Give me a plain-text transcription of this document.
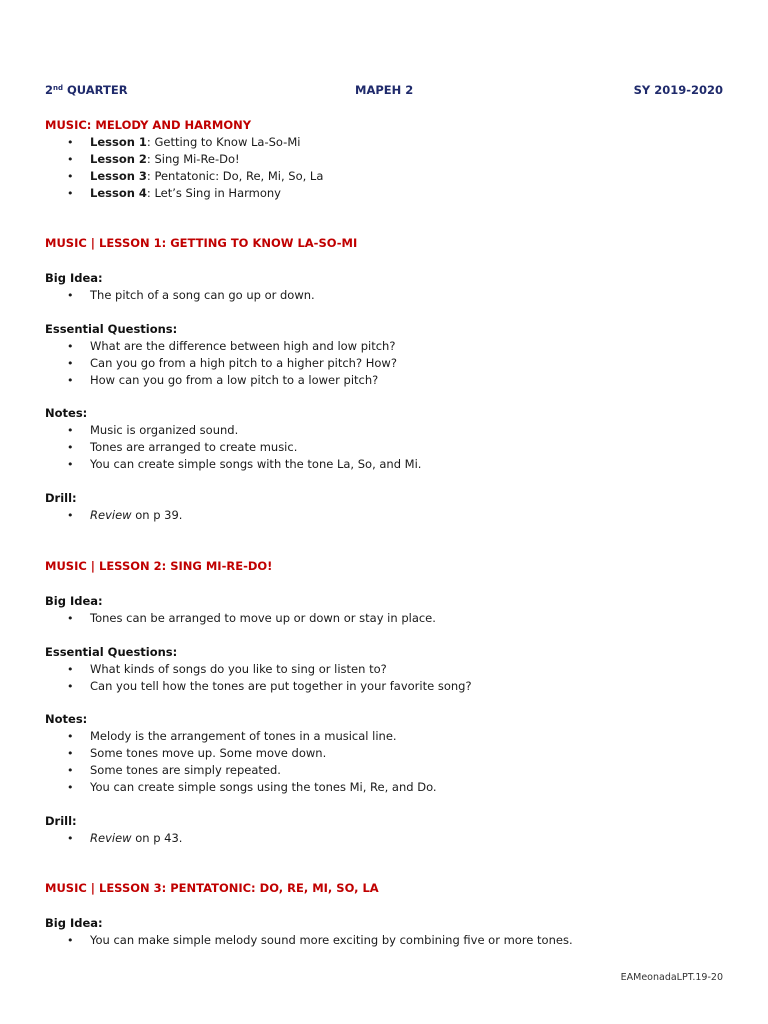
2nd QUARTER	MAPEH 2	SY 2019-2020
MUSIC: MELODY AND HARMONY
• Lesson 1: Getting to Know La-So-Mi
• Lesson 2: Sing Mi-Re-Do!
• Lesson 3: Pentatonic: Do, Re, Mi, So, La
• Lesson 4: Let’s Sing in Harmony
MUSIC | LESSON 1: GETTING TO KNOW LA-SO-MI
Big Idea:
• The pitch of a song can go up or down.
Essential Questions:
• What are the difference between high and low pitch?
• Can you go from a high pitch to a higher pitch? How?
• How can you go from a low pitch to a lower pitch?
Notes:
• Music is organized sound.
• Tones are arranged to create music.
• You can create simple songs with the tone La, So, and Mi.
Drill:
• Review on p 39.
MUSIC | LESSON 2: SING MI-RE-DO!
Big Idea:
• Tones can be arranged to move up or down or stay in place.
Essential Questions:
• What kinds of songs do you like to sing or listen to?
• Can you tell how the tones are put together in your favorite song?
Notes:
• Melody is the arrangement of tones in a musical line.
• Some tones move up. Some move down.
• Some tones are simply repeated.
• You can create simple songs using the tones Mi, Re, and Do.
Drill:
• Review on p 43.
MUSIC | LESSON 3: PENTATONIC: DO, RE, MI, SO, LA
Big Idea:
• You can make simple melody sound more exciting by combining five or more tones.
EAMeonadaLPT.19-20
